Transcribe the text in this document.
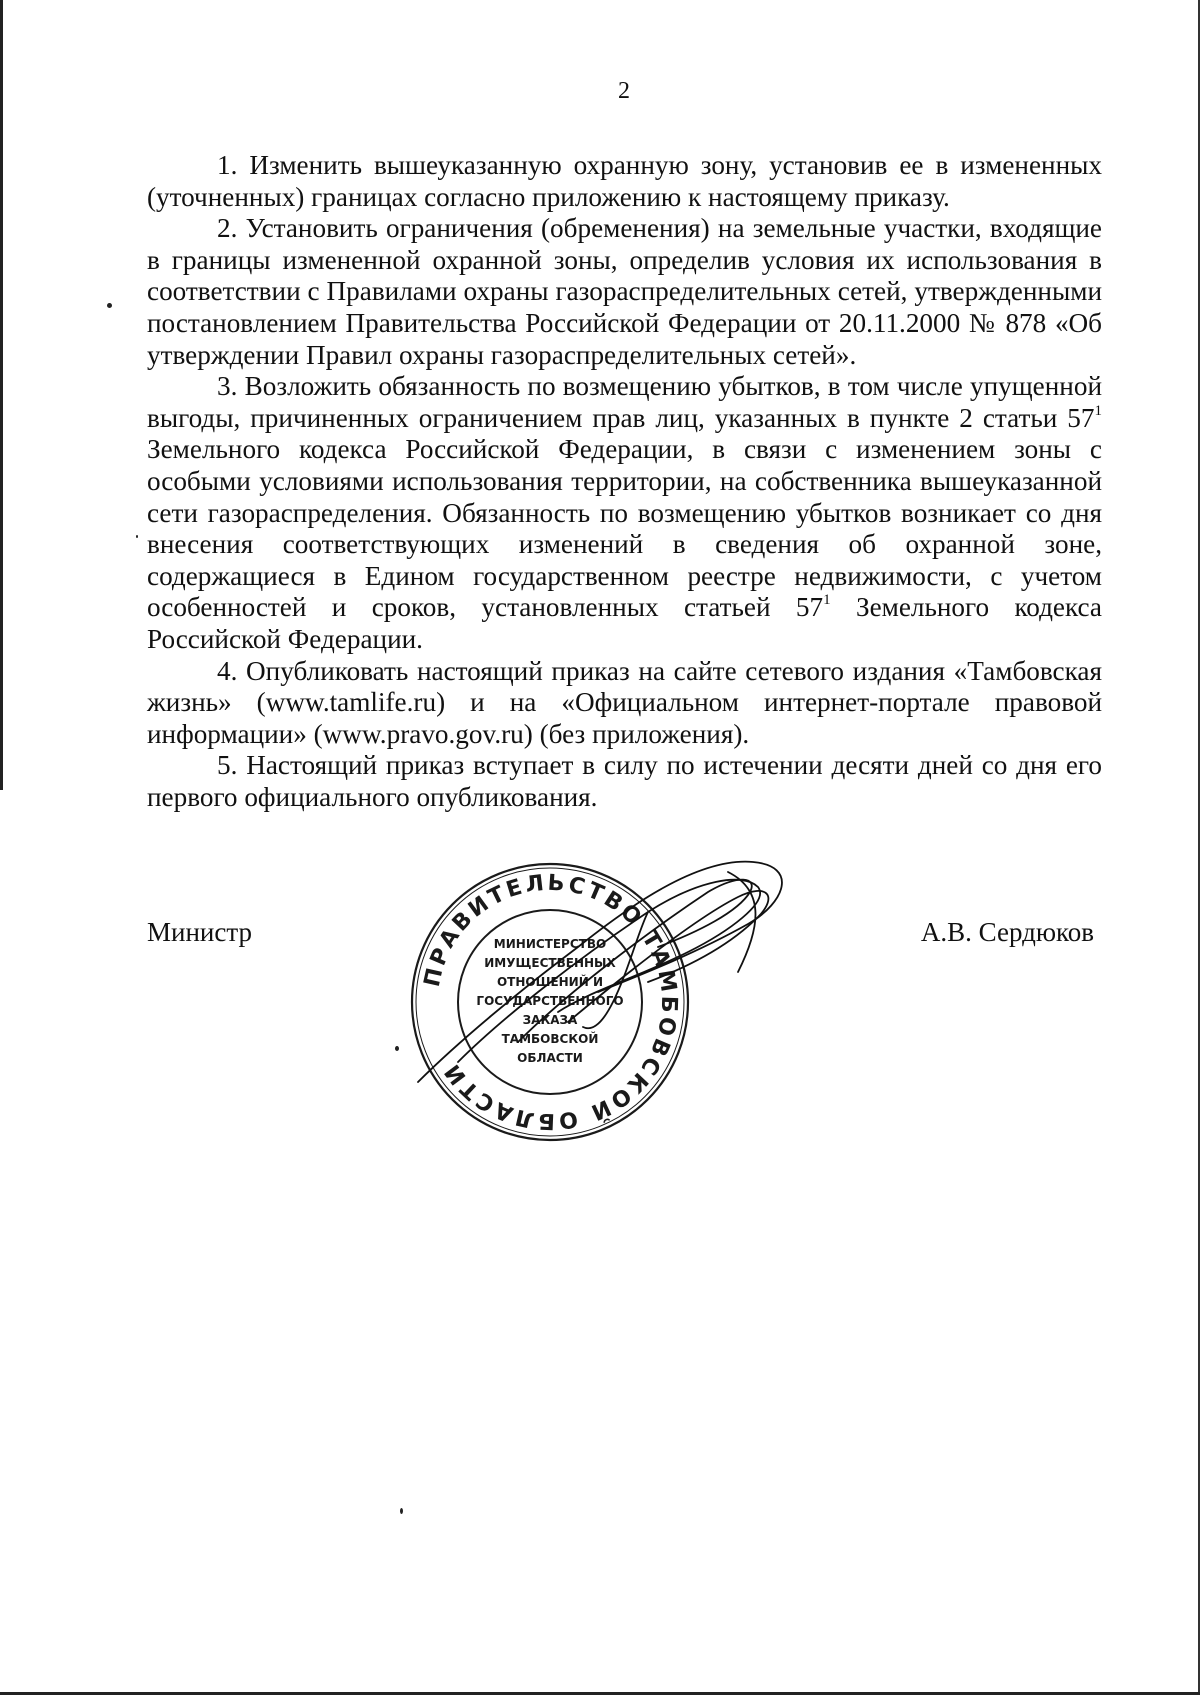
2

1. Изменить вышеуказанную охранную зону, установив ее в измененных (уточненных) границах согласно приложению к настоящему приказу.

2. Установить ограничения (обременения) на земельные участки, входящие в границы измененной охранной зоны, определив условия их использования в соответствии с Правилами охраны газораспределительных сетей, утвержденными постановлением Правительства Российской Федерации от 20.11.2000 № 878 «Об утверждении Правил охраны газораспределительных сетей».

3. Возложить обязанность по возмещению убытков, в том числе упущенной выгоды, причиненных ограничением прав лиц, указанных в пункте 2 статьи $57^1$ Земельного кодекса Российской Федерации, в связи с изменением зоны с особыми условиями использования территории, на собственника вышеуказанной сети газораспределения. Обязанность по возмещению убытков возникает со дня внесения соответствующих изменений в сведения об охранной зоне, содержащиеся в Едином государственном реестре недвижимости, с учетом особенностей и сроков, установленных статьей $57^1$ Земельного кодекса Российской Федерации.

4. Опубликовать настоящий приказ на сайте сетевого издания «Тамбовская жизнь» (www.tamlife.ru) и на «Официальном интернет-портале правовой информации» (www.pravo.gov.ru) (без приложения).

5. Настоящий приказ вступает в силу по истечении десяти дней со дня его первого официального опубликования.

Министр	А.В. Сердюков
ПРАВИТЕЛЬСТВО ТАМБОВСКОЙ ОБЛАСТИ
МИНИСТЕРСТВО
ИМУЩЕСТВЕННЫХ
ОТНОШЕНИЙ И
ГОСУДАРСТВЕННОГО
ЗАКАЗА
ТАМБОВСКОЙ
ОБЛАСТИ
